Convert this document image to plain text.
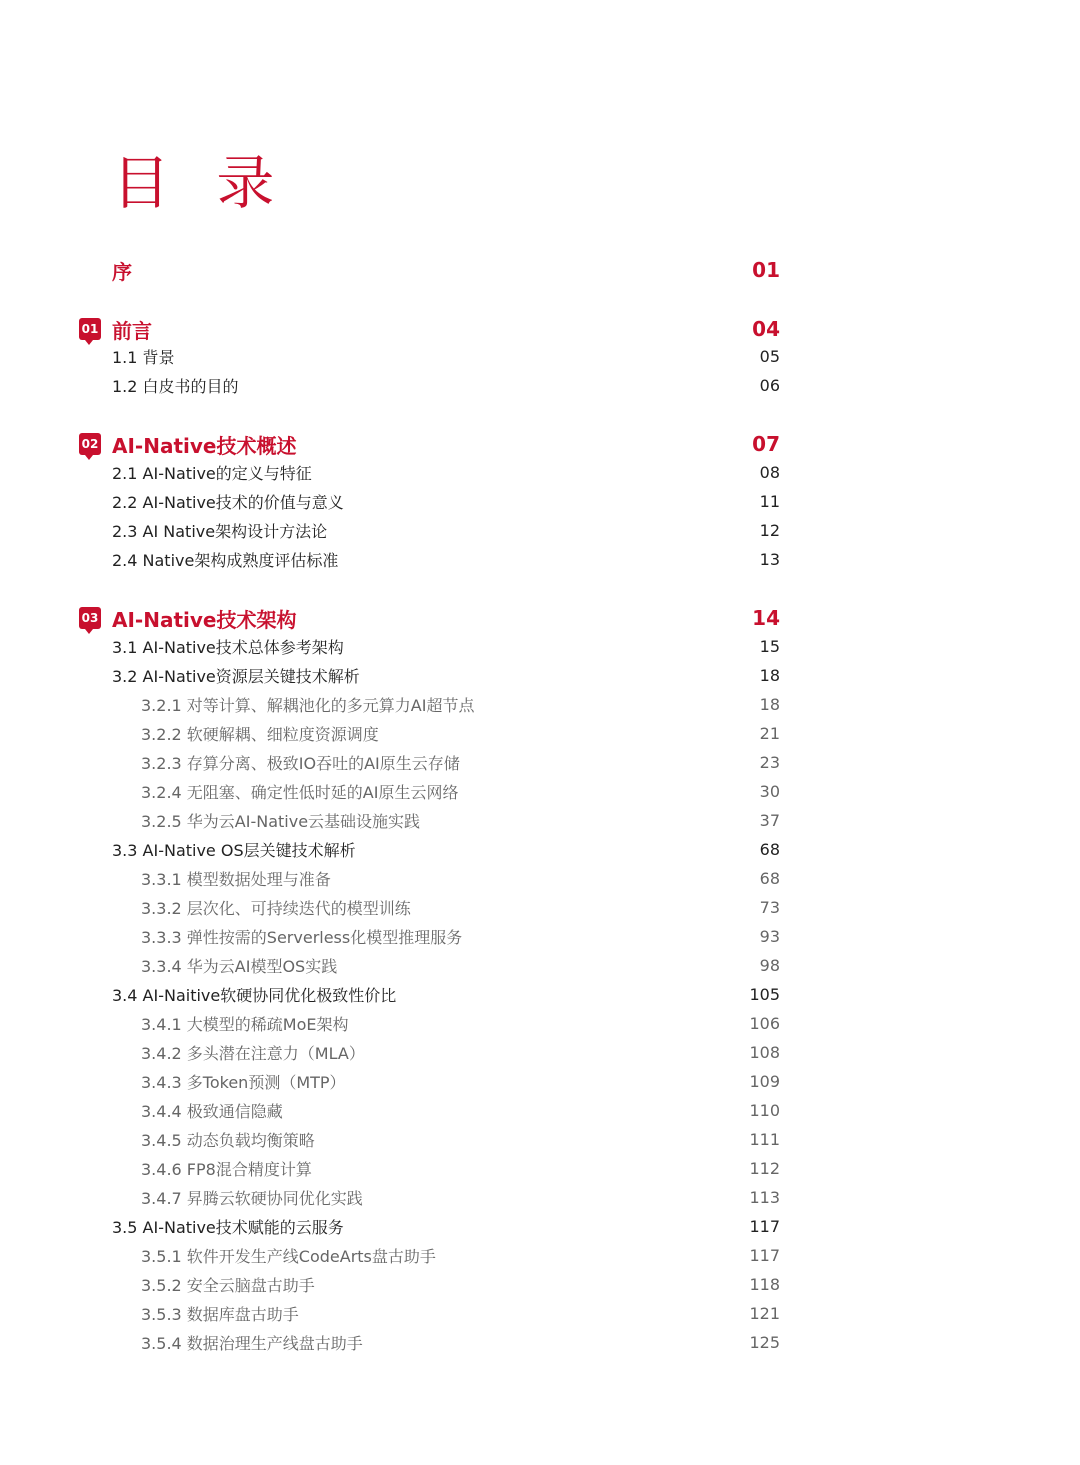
目 录
序	01
01 前言	04
1.1 背景	05
1.2 白皮书的目的	06
02 AI-Native技术概述	07
2.1 AI-Native的定义与特征	08
2.2 AI-Native技术的价值与意义	11
2.3 AI Native架构设计方法论	12
2.4 Native架构成熟度评估标准	13
03 AI-Native技术架构	14
3.1 AI-Native技术总体参考架构	15
3.2 AI-Native资源层关键技术解析	18
3.2.1 对等计算、解耦池化的多元算力AI超节点	18
3.2.2 软硬解耦、细粒度资源调度	21
3.2.3 存算分离、极致IO吞吐的AI原生云存储	23
3.2.4 无阻塞、确定性低时延的AI原生云网络	30
3.2.5 华为云AI-Native云基础设施实践	37
3.3 AI-Native OS层关键技术解析	68
3.3.1 模型数据处理与准备	68
3.3.2 层次化、可持续迭代的模型训练	73
3.3.3 弹性按需的Serverless化模型推理服务	93
3.3.4 华为云AI模型OS实践	98
3.4 AI-Naitive软硬协同优化极致性价比	105
3.4.1 大模型的稀疏MoE架构	106
3.4.2 多头潜在注意力（MLA）	108
3.4.3 多Token预测（MTP）	109
3.4.4 极致通信隐藏	110
3.4.5 动态负载均衡策略	111
3.4.6 FP8混合精度计算	112
3.4.7 昇腾云软硬协同优化实践	113
3.5 AI-Native技术赋能的云服务	117
3.5.1 软件开发生产线CodeArts盘古助手	117
3.5.2 安全云脑盘古助手	118
3.5.3 数据库盘古助手	121
3.5.4 数据治理生产线盘古助手	125
